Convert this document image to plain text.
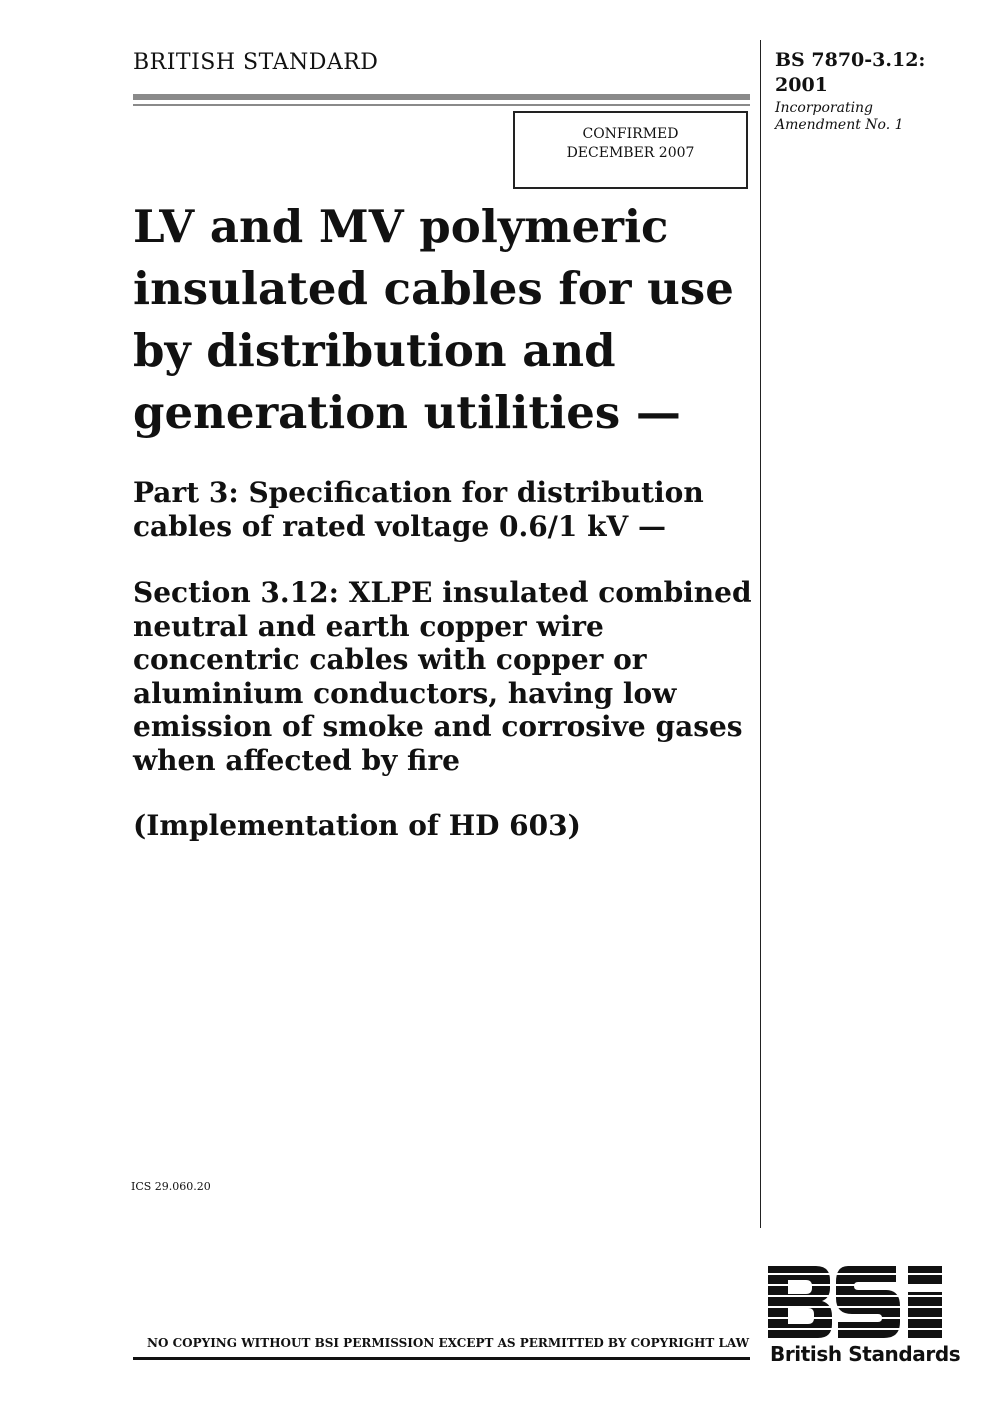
BRITISH STANDARD	BS 7870-3.12:
2001
Incorporating
Amendment No. 1
CONFIRMED
DECEMBER 2007
LV and MV polymeric
insulated cables for use
by distribution and
generation utilities —
Part 3: Specification for distribution
cables of rated voltage 0.6/1 kV —
Section 3.12: XLPE insulated combined
neutral and earth copper wire
concentric cables with copper or
aluminium conductors, having low
emission of smoke and corrosive gases
when affected by fire
(Implementation of HD 603)
ICS 29.060.20
NO COPYING WITHOUT BSI PERMISSION EXCEPT AS PERMITTED BY COPYRIGHT LAW British Standards
